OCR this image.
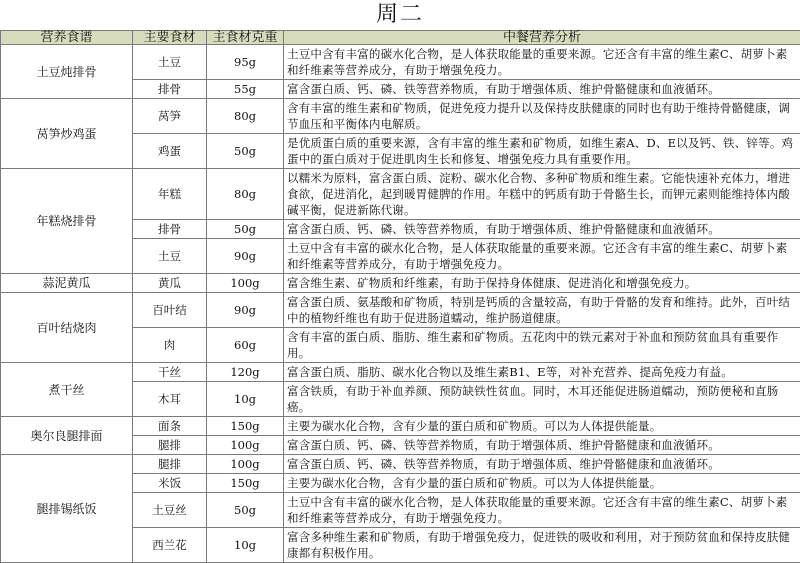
周二
营养食谱	主要食材	主食材克重	中餐营养分析
土豆炖排骨	土豆	95g	土豆中含有丰富的碳水化合物，是人体获取能量的重要来源。它还含有丰富的维生素C、胡萝卜素和纤维素等营养成分，有助于增强免疫力。
	排骨	55g	富含蛋白质、钙、磷、铁等营养物质，有助于增强体质、维护骨骼健康和血液循环。
莴笋炒鸡蛋	莴笋	80g	含有丰富的维生素和矿物质，促进免疫力提升以及保持皮肤健康的同时也有助于维持骨骼健康，调节血压和平衡体内电解质。
	鸡蛋	50g	是优质蛋白质的重要来源，含有丰富的维生素和矿物质，如维生素A、D、E以及钙、铁、锌等。鸡蛋中的蛋白质对于促进肌肉生长和修复、增强免疫力具有重要作用。
年糕烧排骨	年糕	80g	以糯米为原料，富含蛋白质、淀粉、碳水化合物、多种矿物质和维生素。它能快速补充体力，增进食欲，促进消化，起到暖胃健脾的作用。年糕中的钙质有助于骨骼生长，而钾元素则能维持体内酸碱平衡，促进新陈代谢。
	排骨	50g	富含蛋白质、钙、磷、铁等营养物质，有助于增强体质、维护骨骼健康和血液循环。
	土豆	90g	土豆中含有丰富的碳水化合物，是人体获取能量的重要来源。它还含有丰富的维生素C、胡萝卜素和纤维素等营养成分，有助于增强免疫力。
蒜泥黄瓜	黄瓜	100g	富含维生素、矿物质和纤维素，有助于保持身体健康、促进消化和增强免疫力。
百叶结烧肉	百叶结	90g	富含蛋白质、氨基酸和矿物质，特别是钙质的含量较高，有助于骨骼的发育和维持。此外，百叶结中的植物纤维也有助于促进肠道蠕动，维护肠道健康。
	肉	60g	含有丰富的蛋白质、脂肪、维生素和矿物质。五花肉中的铁元素对于补血和预防贫血具有重要作用。
煮干丝	干丝	120g	富含蛋白质、脂肪、碳水化合物以及维生素B1、E等，对补充营养、提高免疫力有益。
	木耳	10g	富含铁质，有助于补血养颜、预防缺铁性贫血。同时，木耳还能促进肠道蠕动，预防便秘和直肠癌。
奥尔良腿排面	面条	150g	主要为碳水化合物，含有少量的蛋白质和矿物质。可以为人体提供能量。
	腿排	100g	富含蛋白质、钙、磷、铁等营养物质，有助于增强体质、维护骨骼健康和血液循环。
腿排锡纸饭	腿排	100g	富含蛋白质、钙、磷、铁等营养物质，有助于增强体质、维护骨骼健康和血液循环。
	米饭	150g	主要为碳水化合物，含有少量的蛋白质和矿物质。可以为人体提供能量。
	土豆丝	50g	土豆中含有丰富的碳水化合物，是人体获取能量的重要来源。它还含有丰富的维生素C、胡萝卜素和纤维素等营养成分，有助于增强免疫力。
	西兰花	10g	富含多种维生素和矿物质，有助于增强免疫力，促进铁的吸收和利用，对于预防贫血和保持皮肤健康都有积极作用。
